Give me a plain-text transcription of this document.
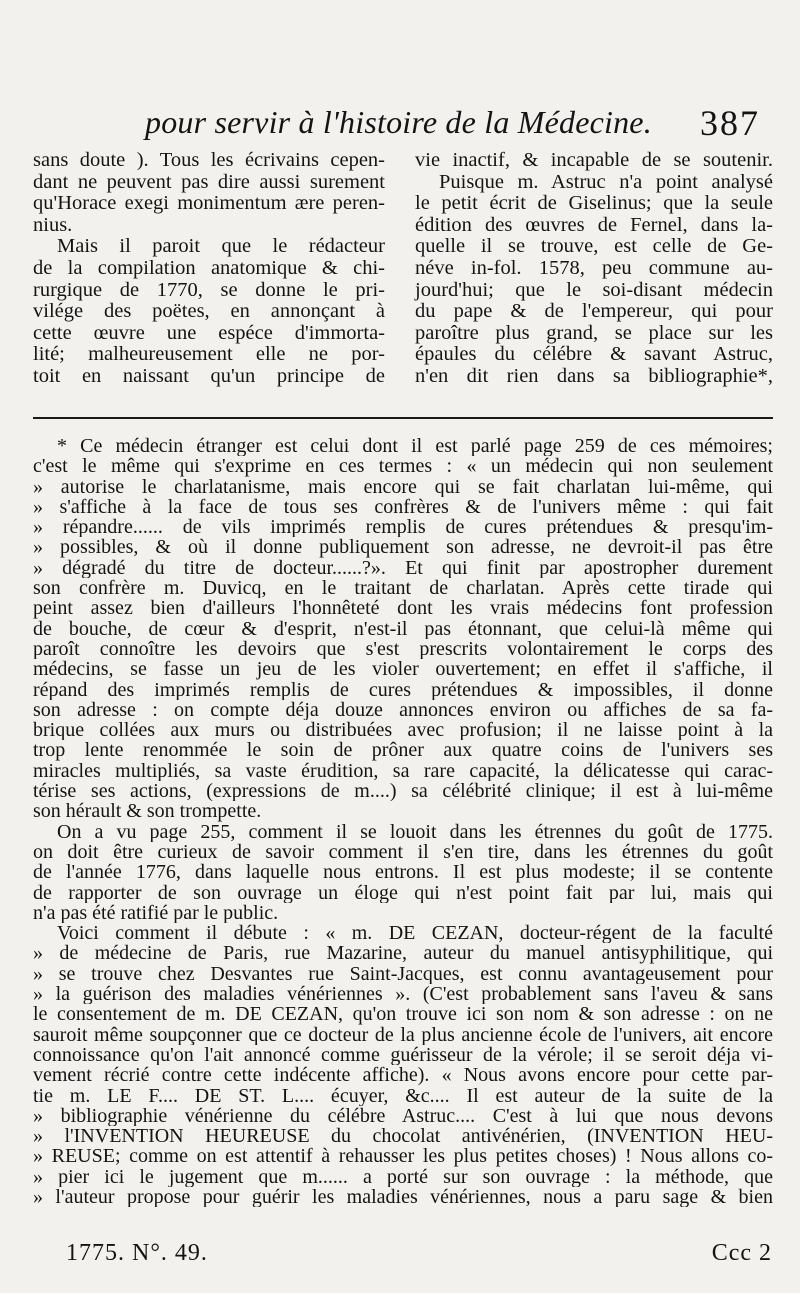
pour servir à l'histoire de la Médecine. 387
sans doute ). Tous les écrivains cepen-
dant ne peuvent pas dire aussi surement
qu'Horace exegi monimentum ære peren-
nius.
Mais il paroit que le rédacteur
de la compilation anatomique & chi-
rurgique de 1770, se donne le pri-
vilége des poëtes, en annonçant à
cette œuvre une espéce d'immorta-
lité; malheureusement elle ne por-
toit en naissant qu'un principe de
vie inactif, & incapable de se soutenir.
Puisque m. Astruc n'a point analysé
le petit écrit de Giselinus; que la seule
édition des œuvres de Fernel, dans la-
quelle il se trouve, est celle de Ge-
néve in-fol. 1578, peu commune au-
jourd'hui; que le soi-disant médecin
du pape & de l'empereur, qui pour
paroître plus grand, se place sur les
épaules du célébre & savant Astruc,
n'en dit rien dans sa bibliographie*,
* Ce médecin étranger est celui dont il est parlé page 259 de ces mémoires;
c'est le même qui s'exprime en ces termes : « un médecin qui non seulement
» autorise le charlatanisme, mais encore qui se fait charlatan lui-même, qui
» s'affiche à la face de tous ses confrères & de l'univers même : qui fait
» répandre...... de vils imprimés remplis de cures prétendues & presqu'im-
» possibles, & où il donne publiquement son adresse, ne devroit-il pas être
» dégradé du titre de docteur......?». Et qui finit par apostropher durement
son confrère m. Duvicq, en le traitant de charlatan. Après cette tirade qui
peint assez bien d'ailleurs l'honnêteté dont les vrais médecins font profession
de bouche, de cœur & d'esprit, n'est-il pas étonnant, que celui-là même qui
paroît connoître les devoirs que s'est prescrits volontairement le corps des
médecins, se fasse un jeu de les violer ouvertement; en effet il s'affiche, il
répand des imprimés remplis de cures prétendues & impossibles, il donne
son adresse : on compte déja douze annonces environ ou affiches de sa fa-
brique collées aux murs ou distribuées avec profusion; il ne laisse point à la
trop lente renommée le soin de prôner aux quatre coins de l'univers ses
miracles multipliés, sa vaste érudition, sa rare capacité, la délicatesse qui carac-
térise ses actions, (expressions de m....) sa célébrité clinique; il est à lui-même
son hérault & son trompette.
On a vu page 255, comment il se louoit dans les étrennes du goût de 1775.
on doit être curieux de savoir comment il s'en tire, dans les étrennes du goût
de l'année 1776, dans laquelle nous entrons. Il est plus modeste; il se contente
de rapporter de son ouvrage un éloge qui n'est point fait par lui, mais qui
n'a pas été ratifié par le public.
Voici comment il débute : « m. DE CEZAN, docteur-régent de la faculté
» de médecine de Paris, rue Mazarine, auteur du manuel antisyphilitique, qui
» se trouve chez Desvantes rue Saint-Jacques, est connu avantageusement pour
» la guérison des maladies vénériennes ». (C'est probablement sans l'aveu & sans
le consentement de m. DE CEZAN, qu'on trouve ici son nom & son adresse : on ne
sauroit même soupçonner que ce docteur de la plus ancienne école de l'univers, ait encore
connoissance qu'on l'ait annoncé comme guérisseur de la vérole; il se seroit déja vi-
vement récrié contre cette indécente affiche). « Nous avons encore pour cette par-
tie m. LE F.... DE ST. L.... écuyer, &c.... Il est auteur de la suite de la
» bibliographie vénérienne du célébre Astruc.... C'est à lui que nous devons
» l'INVENTION HEUREUSE du chocolat antivénérien, (INVENTION HEU-
» REUSE; comme on est attentif à rehausser les plus petites choses) ! Nous allons co-
» pier ici le jugement que m...... a porté sur son ouvrage : la méthode, que
» l'auteur propose pour guérir les maladies vénériennes, nous a paru sage & bien
1775. N°. 49.	Ccc 2
